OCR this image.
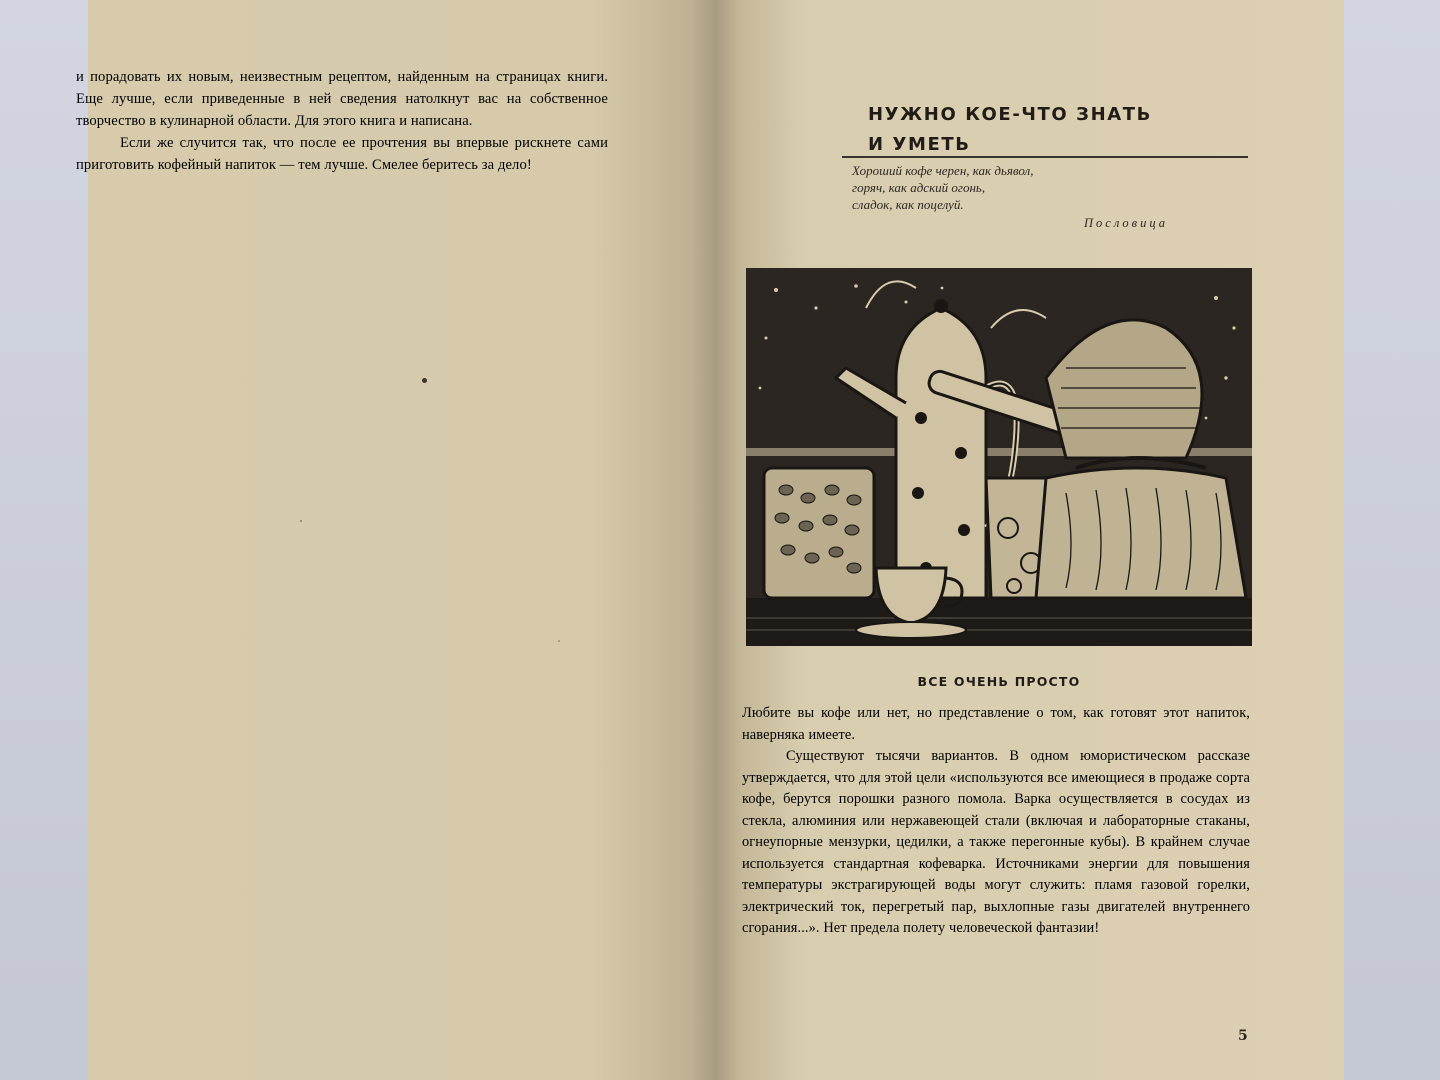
и порадовать их новым, неизвестным рецептом, найденным на страницах книги. Еще лучше, если приведенные в ней сведения натолкнут вас на собственное творчество в кулинарной области. Для этого книга и написана.

Если же случится так, что после ее прочтения вы впервые рискнете сами приготовить кофейный напиток — тем лучше. Смелее беритесь за дело!

НУЖНО КОЕ-ЧТО ЗНАТЬ И УМЕТЬ
Хороший кофе черен, как дьявол,
горяч, как адский огонь,
сладок, как поцелуй.
Пословица
ВСЕ ОЧЕНЬ ПРОСТО

Любите вы кофе или нет, но представление о том, как готовят этот напиток, наверняка имеете.

Существуют тысячи вариантов. В одном юмористическом рассказе утверждается, что для этой цели «используются все имеющиеся в продаже сорта кофе, берутся порошки разного помола. Варка осуществляется в сосудах из стекла, алюминия или нержавеющей стали (включая и лабораторные стаканы, огнеупорные мензурки, цедилки, а также перегонные кубы). В крайнем случае используется стандартная кофеварка. Источниками энергии для повышения температуры экстрагирующей воды могут служить: пламя газовой горелки, электрический ток, перегретый пар, выхлопные газы двигателей внутреннего сгорания...». Нет предела полету человеческой фантазии!

5
